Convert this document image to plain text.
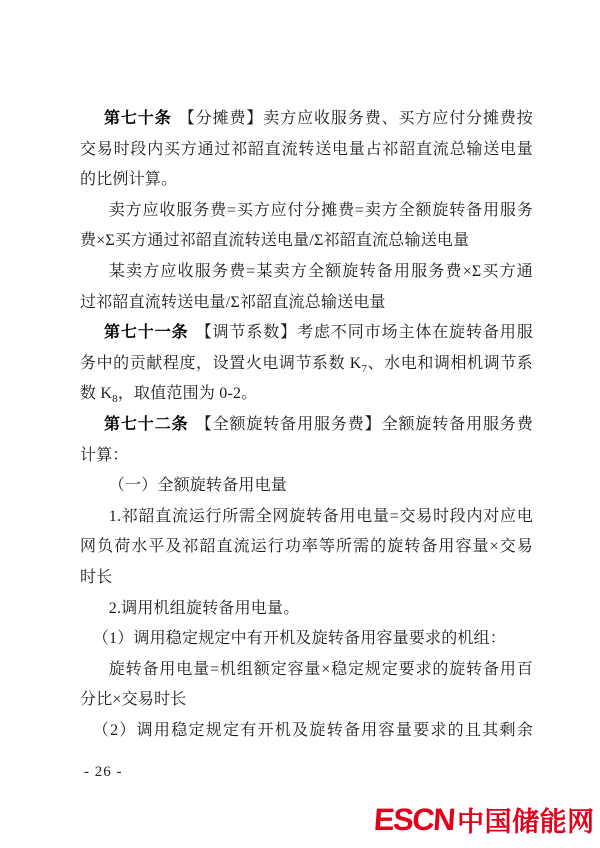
第七十条 【分摊费】卖方应收服务费、买方应付分摊费按
交易时段内买方通过祁韶直流转送电量占祁韶直流总输送电量
的比例计算。
卖方应收服务费=买方应付分摊费=卖方全额旋转备用服务
费×Σ买方通过祁韶直流转送电量/Σ祁韶直流总输送电量
某卖方应收服务费=某卖方全额旋转备用服务费×Σ买方通
过祁韶直流转送电量/Σ祁韶直流总输送电量
第七十一条 【调节系数】考虑不同市场主体在旋转备用服
务中的贡献程度，设置火电调节系数 $K_7$、水电和调相机调节系
数 $K_8$，取值范围为 0-2。
第七十二条 【全额旋转备用服务费】全额旋转备用服务费
计算：
（一）全额旋转备用电量
1.祁韶直流运行所需全网旋转备用电量=交易时段内对应电
网负荷水平及祁韶直流运行功率等所需的旋转备用容量×交易
时长
2.调用机组旋转备用电量。
（1）调用稳定规定中有开机及旋转备用容量要求的机组：
旋转备用电量=机组额定容量×稳定规定要求的旋转备用百
分比×交易时长
（2）调用稳定规定有开机及旋转备用容量要求的且其剩余
- 26 -
ESCN 中国储能网
